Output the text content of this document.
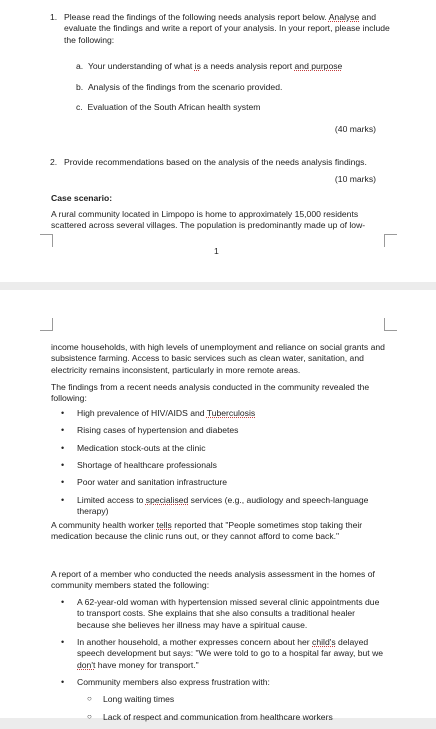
1. Please read the findings of the following needs analysis report below. Analyse and evaluate the findings and write a report of your analysis. In your report, please include the following:
a. Your understanding of what is a needs analysis report and purpose
b. Analysis of the findings from the scenario provided.
c. Evaluation of the South African health system
(40 marks)
2. Provide recommendations based on the analysis of the needs analysis findings.
(10 marks)
Case scenario:
A rural community located in Limpopo is home to approximately 15,000 residents scattered across several villages. The population is predominantly made up of low-
1
income households, with high levels of unemployment and reliance on social grants and subsistence farming. Access to basic services such as clean water, sanitation, and electricity remains inconsistent, particularly in more remote areas.
The findings from a recent needs analysis conducted in the community revealed the following:
• High prevalence of HIV/AIDS and Tuberculosis
• Rising cases of hypertension and diabetes
• Medication stock-outs at the clinic
• Shortage of healthcare professionals
• Poor water and sanitation infrastructure
• Limited access to specialised services (e.g., audiology and speech-language therapy)
A community health worker tells reported that "People sometimes stop taking their medication because the clinic runs out, or they cannot afford to come back."
A report of a member who conducted the needs analysis assessment in the homes of community members stated the following:
• A 62-year-old woman with hypertension missed several clinic appointments due to transport costs. She explains that she also consults a traditional healer because she believes her illness may have a spiritual cause.
• In another household, a mother expresses concern about her child's delayed speech development but says: "We were told to go to a hospital far away, but we don't have money for transport."
• Community members also express frustration with:
○ Long waiting times
○ Lack of respect and communication from healthcare workers
